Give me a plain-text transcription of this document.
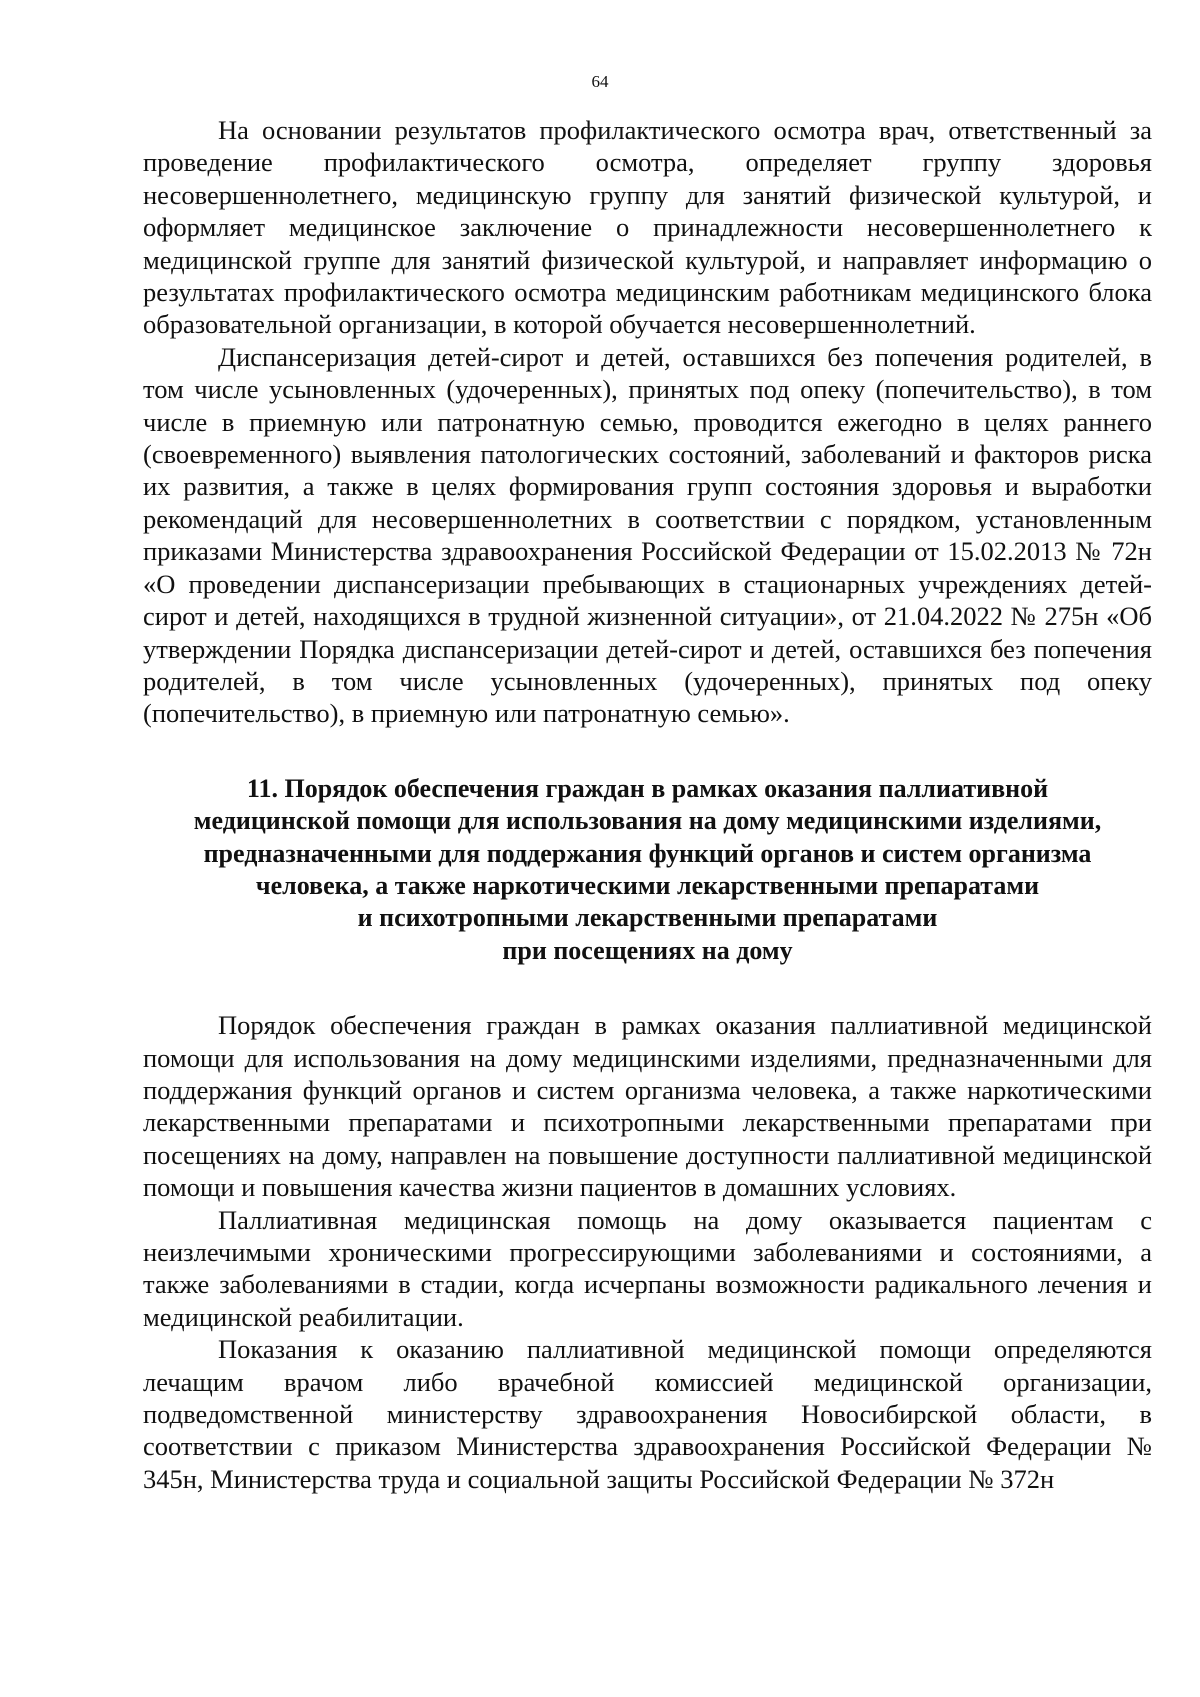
64

На основании результатов профилактического осмотра врач, ответственный за проведение профилактического осмотра, определяет группу здоровья несовершеннолетнего, медицинскую группу для занятий физической культурой, и оформляет медицинское заключение о принадлежности несовершеннолетнего к медицинской группе для занятий физической культурой, и направляет информацию о результатах профилактического осмотра медицинским работникам медицинского блока образовательной организации, в которой обучается несовершеннолетний.

Диспансеризация детей-сирот и детей, оставшихся без попечения родителей, в том числе усыновленных (удочеренных), принятых под опеку (попечительство), в том числе в приемную или патронатную семью, проводится ежегодно в целях раннего (своевременного) выявления патологических состояний, заболеваний и факторов риска их развития, а также в целях формирования групп состояния здоровья и выработки рекомендаций для несовершеннолетних в соответствии с порядком, установленным приказами Министерства здравоохранения Российской Федерации от 15.02.2013 № 72н «О проведении диспансеризации пребывающих в стационарных учреждениях детей-сирот и детей, находящихся в трудной жизненной ситуации», от 21.04.2022 № 275н «Об утверждении Порядка диспансеризации детей-сирот и детей, оставшихся без попечения родителей, в том числе усыновленных (удочеренных), принятых под опеку (попечительство), в приемную или патронатную семью».

11. Порядок обеспечения граждан в рамках оказания паллиативной
медицинской помощи для использования на дому медицинскими изделиями,
предназначенными для поддержания функций органов и систем организма
человека, а также наркотическими лекарственными препаратами
и психотропными лекарственными препаратами
при посещениях на дому

Порядок обеспечения граждан в рамках оказания паллиативной медицинской помощи для использования на дому медицинскими изделиями, предназначенными для поддержания функций органов и систем организма человека, а также наркотическими лекарственными препаратами и психотропными лекарственными препаратами при посещениях на дому, направлен на повышение доступности паллиативной медицинской помощи и повышения качества жизни пациентов в домашних условиях.

Паллиативная медицинская помощь на дому оказывается пациентам с неизлечимыми хроническими прогрессирующими заболеваниями и состояниями, а также заболеваниями в стадии, когда исчерпаны возможности радикального лечения и медицинской реабилитации.

Показания к оказанию паллиативной медицинской помощи определяются лечащим врачом либо врачебной комиссией медицинской организации, подведомственной министерству здравоохранения Новосибирской области, в соответствии с приказом Министерства здравоохранения Российской Федерации № 345н, Министерства труда и социальной защиты Российской Федерации № 372н
